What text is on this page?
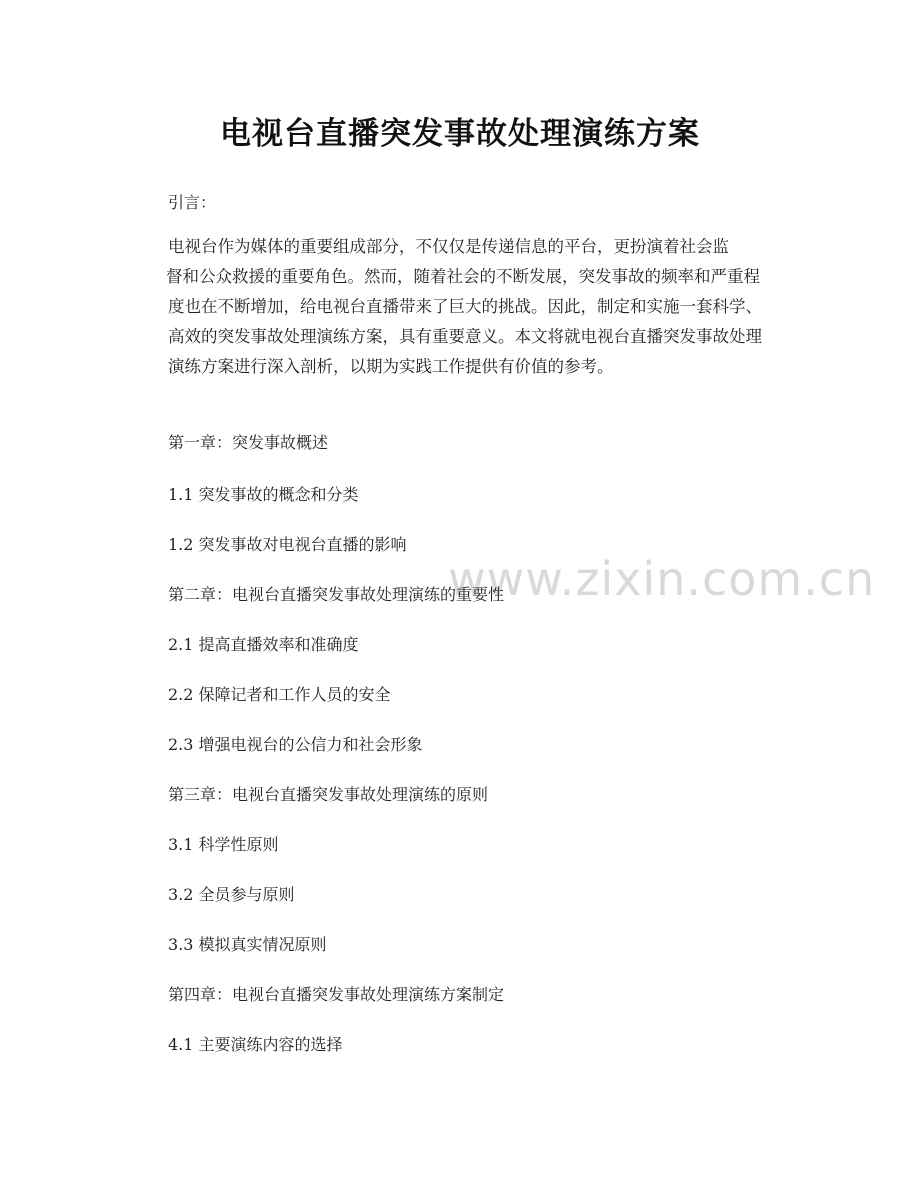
www.zixin.com.cn
电视台直播突发事故处理演练方案
引言：
电视台作为媒体的重要组成部分，不仅仅是传递信息的平台，更扮演着社会监
督和公众救援的重要角色。然而，随着社会的不断发展，突发事故的频率和严重程
度也在不断增加，给电视台直播带来了巨大的挑战。因此，制定和实施一套科学、
高效的突发事故处理演练方案，具有重要意义。本文将就电视台直播突发事故处理
演练方案进行深入剖析，以期为实践工作提供有价值的参考。
第一章：突发事故概述
1.1 突发事故的概念和分类
1.2 突发事故对电视台直播的影响
第二章：电视台直播突发事故处理演练的重要性
2.1 提高直播效率和准确度
2.2 保障记者和工作人员的安全
2.3 增强电视台的公信力和社会形象
第三章：电视台直播突发事故处理演练的原则
3.1 科学性原则
3.2 全员参与原则
3.3 模拟真实情况原则
第四章：电视台直播突发事故处理演练方案制定
4.1 主要演练内容的选择
